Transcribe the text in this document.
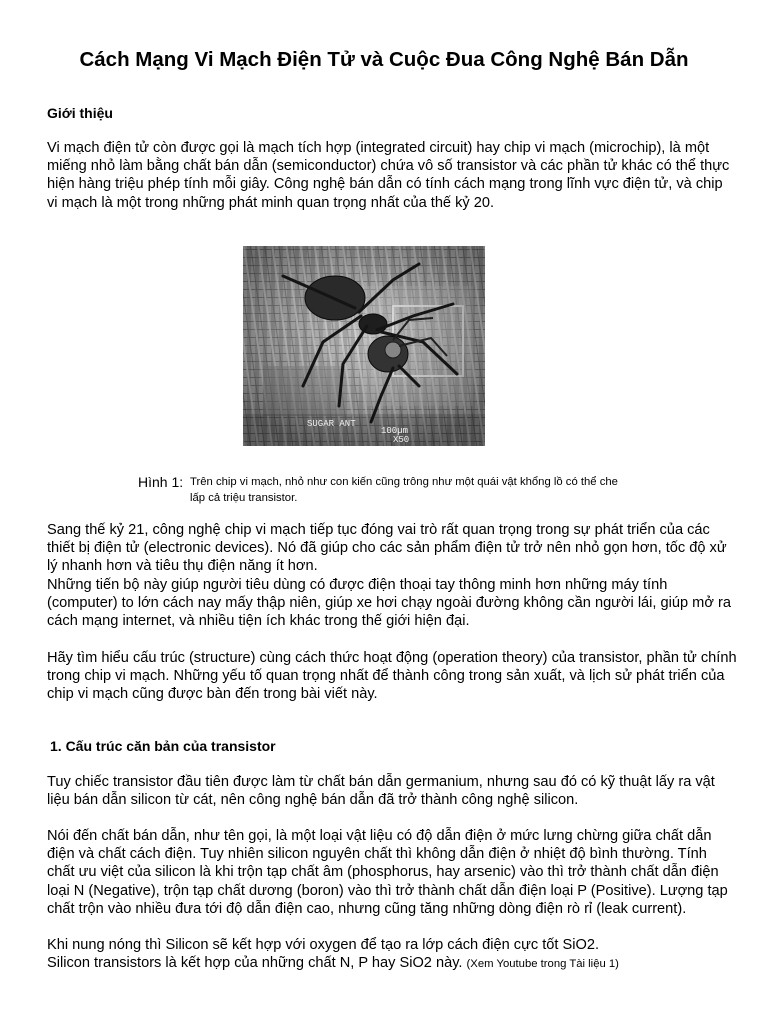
Cách Mạng Vi Mạch Điện Tử và Cuộc Đua Công Nghệ Bán Dẫn
Giới thiệu
Vi mạch điện tử còn được gọi là mạch tích hợp (integrated circuit) hay chip vi mạch (microchip), là một miếng nhỏ làm bằng chất bán dẫn (semiconductor) chứa vô số transistor và các phần tử khác có thể thực hiện hàng triệu phép tính mỗi giây. Công nghệ bán dẫn có tính cách mạng trong lĩnh vực điện tử, và chip vi mạch là một trong những phát minh quan trọng nhất của thế kỷ 20.
SUGAR ANT
100µm
X50
Hình 1: Trên chip vi mạch, nhỏ như con kiến cũng trông như một quái vật khổng lồ có thể che lấp cả triệu transistor.
Sang thế kỷ 21, công nghệ chip vi mạch tiếp tục đóng vai trò rất quan trọng trong sự phát triển của các thiết bị điện tử (electronic devices). Nó đã giúp cho các sản phẩm điện tử trở nên nhỏ gọn hơn, tốc độ xử lý nhanh hơn và tiêu thụ điện năng ít hơn.
Những tiến bộ này giúp người tiêu dùng có được điện thoại tay thông minh hơn những máy tính (computer) to lớn cách nay mấy thập niên, giúp xe hơi chạy ngoài đường không cần người lái, giúp mở ra cách mạng internet, và nhiều tiện ích khác trong thế giới hiện đại.
Hãy tìm hiểu cấu trúc (structure) cùng cách thức hoạt động (operation theory) của transistor, phần tử chính trong chip vi mạch. Những yếu tố quan trọng nhất để thành công trong sản xuất, và lịch sử phát triển của chip vi mạch cũng được bàn đến trong bài viết này.
1. Cấu trúc căn bản của transistor
Tuy chiếc transistor đầu tiên được làm từ chất bán dẫn germanium, nhưng sau đó có kỹ thuật lấy ra vật liệu bán dẫn silicon từ cát, nên công nghệ bán dẫn đã trở thành công nghệ silicon.
Nói đến chất bán dẫn, như tên gọi, là một loại vật liệu có độ dẫn điện ở mức lưng chừng giữa chất dẫn điện và chất cách điện. Tuy nhiên silicon nguyên chất thì không dẫn điện ở nhiệt độ bình thường. Tính chất ưu việt của silicon là khi trộn tạp chất âm (phosphorus, hay arsenic) vào thì trở thành chất dẫn điện loại N (Negative), trộn tạp chất dương (boron) vào thì trở thành chất dẫn điện loại P (Positive). Lượng tạp chất trộn vào nhiều đưa tới độ dẫn điện cao, nhưng cũng tăng những dòng điện rò rỉ (leak current).
Khi nung nóng thì Silicon sẽ kết hợp với oxygen để tạo ra lớp cách điện cực tốt SiO2.
Silicon transistors là kết hợp của những chất N, P hay SiO2 này. (Xem Youtube trong Tài liệu 1)
